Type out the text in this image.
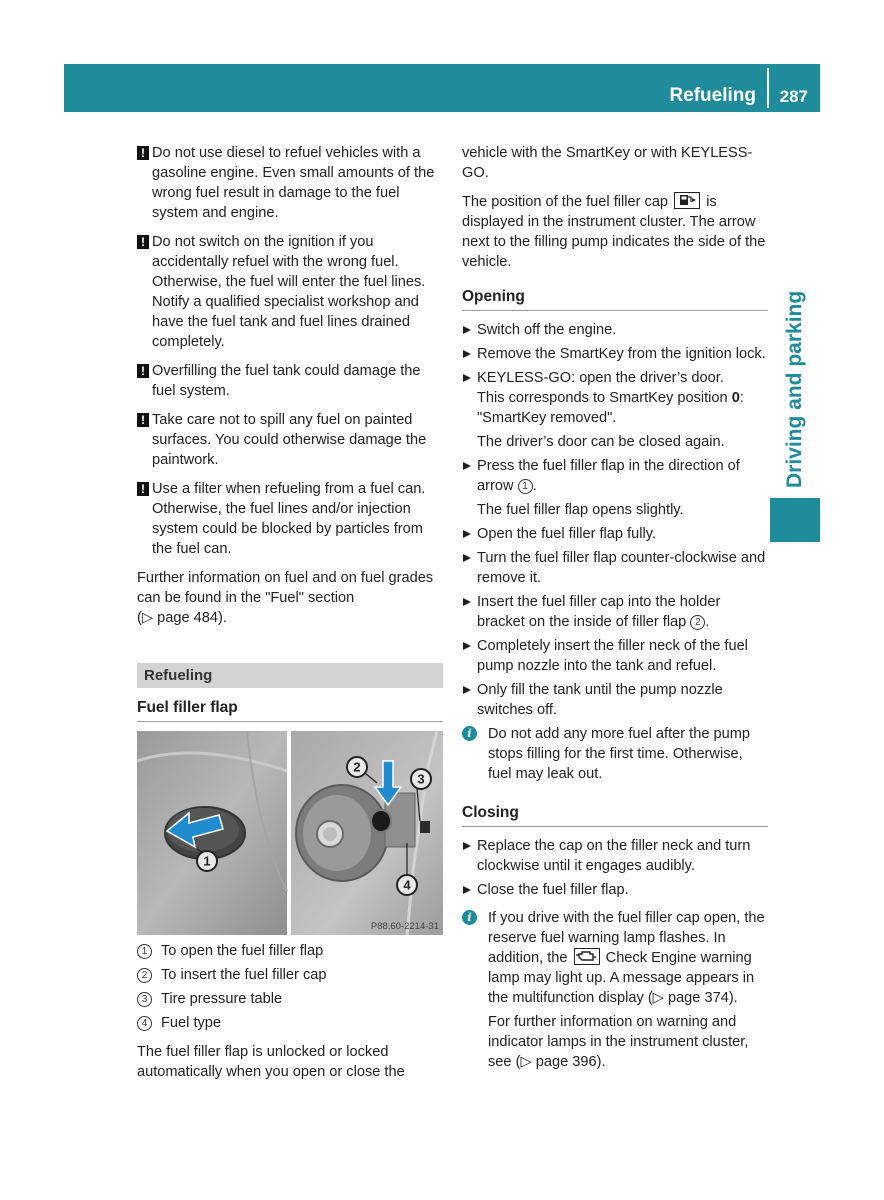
Refueling 287
Driving and parking
! Do not use diesel to refuel vehicles with a gasoline engine. Even small amounts of the wrong fuel result in damage to the fuel system and engine.
! Do not switch on the ignition if you accidentally refuel with the wrong fuel. Otherwise, the fuel will enter the fuel lines. Notify a qualified specialist workshop and have the fuel tank and fuel lines drained completely.
! Overfilling the fuel tank could damage the fuel system.
! Take care not to spill any fuel on painted surfaces. You could otherwise damage the paintwork.
! Use a filter when refueling from a fuel can. Otherwise, the fuel lines and/or injection system could be blocked by particles from the fuel can.
Further information on fuel and on fuel grades can be found in the "Fuel" section
(▷ page 484).
Refueling
Fuel filler flap
1
2
3
4
P88.60-2214-31
1 To open the fuel filler flap
2 To insert the fuel filler cap
3 Tire pressure table
4 Fuel type
The fuel filler flap is unlocked or locked automatically when you open or close the
vehicle with the SmartKey or with KEYLESS-GO.
The position of the fuel filler cap	is displayed in the instrument cluster. The arrow next to the filling pump indicates the side of the vehicle.
Opening
Switch off the engine.
Remove the SmartKey from the ignition lock.
KEYLESS-GO: open the driver’s door.
This corresponds to SmartKey position 0:
"SmartKey removed".
The driver’s door can be closed again.
Press the fuel filler flap in the direction of arrow 1 .
The fuel filler flap opens slightly.
Open the fuel filler flap fully.
Turn the fuel filler flap counter-clockwise and remove it.
Insert the fuel filler cap into the holder bracket on the inside of filler flap 2 .
Completely insert the filler neck of the fuel pump nozzle into the tank and refuel.
Only fill the tank until the pump nozzle switches off.
i	Do not add any more fuel after the pump stops filling for the first time. Otherwise, fuel may leak out.
Closing
Replace the cap on the filler neck and turn clockwise until it engages audibly.
Close the fuel filler flap.
i	If you drive with the fuel filler cap open, the reserve fuel warning lamp flashes. In addition, the	Check Engine warning lamp may light up. A message appears in the multifunction display (▷ page 374).
For further information on warning and indicator lamps in the instrument cluster, see (▷ page 396).
